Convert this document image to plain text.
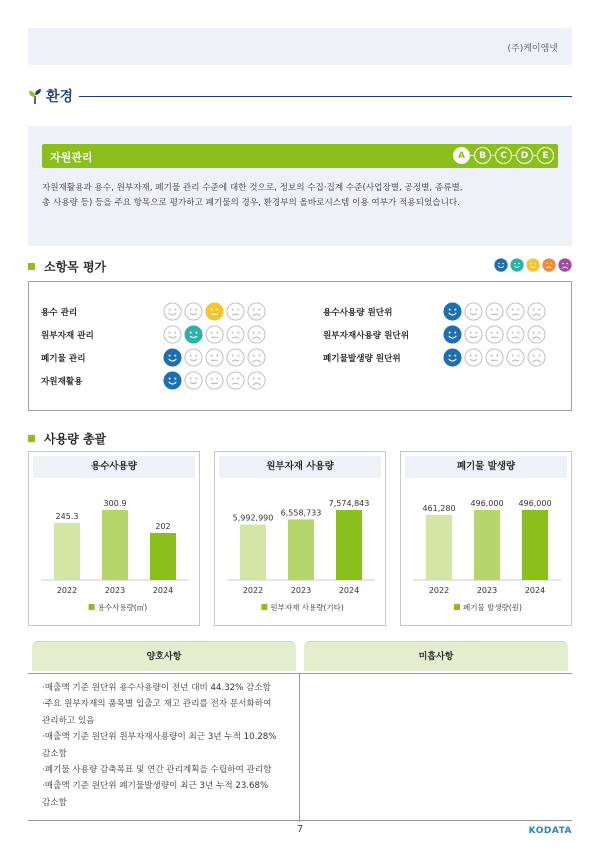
(주)케이엠넷
환경
자원관리	A	B	C	D	E
자원재활용과 용수, 원부자재, 폐기물 관리 수준에 대한 것으로, 정보의 수집·집계 수준(사업장별, 공정별, 종류별,
총 사용량 등) 등을 주요 항목으로 평가하고 폐기물의 경우, 환경부의 올바로시스템 이용 여부가 적용되었습니다.
소항목 평가
용수 관리
원부자재 관리
폐기물 관리
자원재활용
용수사용량 원단위
원부자재사용량 원단위
폐기물발생량 원단위
사용량 총괄
용수사용량
245.3
2022
300.9
2023
202
2024
용수사용량(㎥)
원부자재 사용량
5,992,990
2022
6,558,733
2023
7,574,843
2024
원부자재 사용량(기타)
폐기물 발생량
461,280
2022
496,000
2023
496,000
2024
폐기물 발생량(원)
양호사항	미흡사항
·매출액 기준 원단위 용수사용량이 전년 대비 44.32% 감소함
·주요 원부자재의 품목별 입출고 재고 관리를 전자 문서화하여
관리하고 있음
·매출액 기준 원단위 원부자재사용량이 최근 3년 누적 10.28%
감소함
·폐기물 사용량 감축목표 및 연간 관리계획을 수립하여 관리함
·매출액 기준 원단위 폐기물발생량이 최근 3년 누적 23.68%
감소함
7	KODATA
